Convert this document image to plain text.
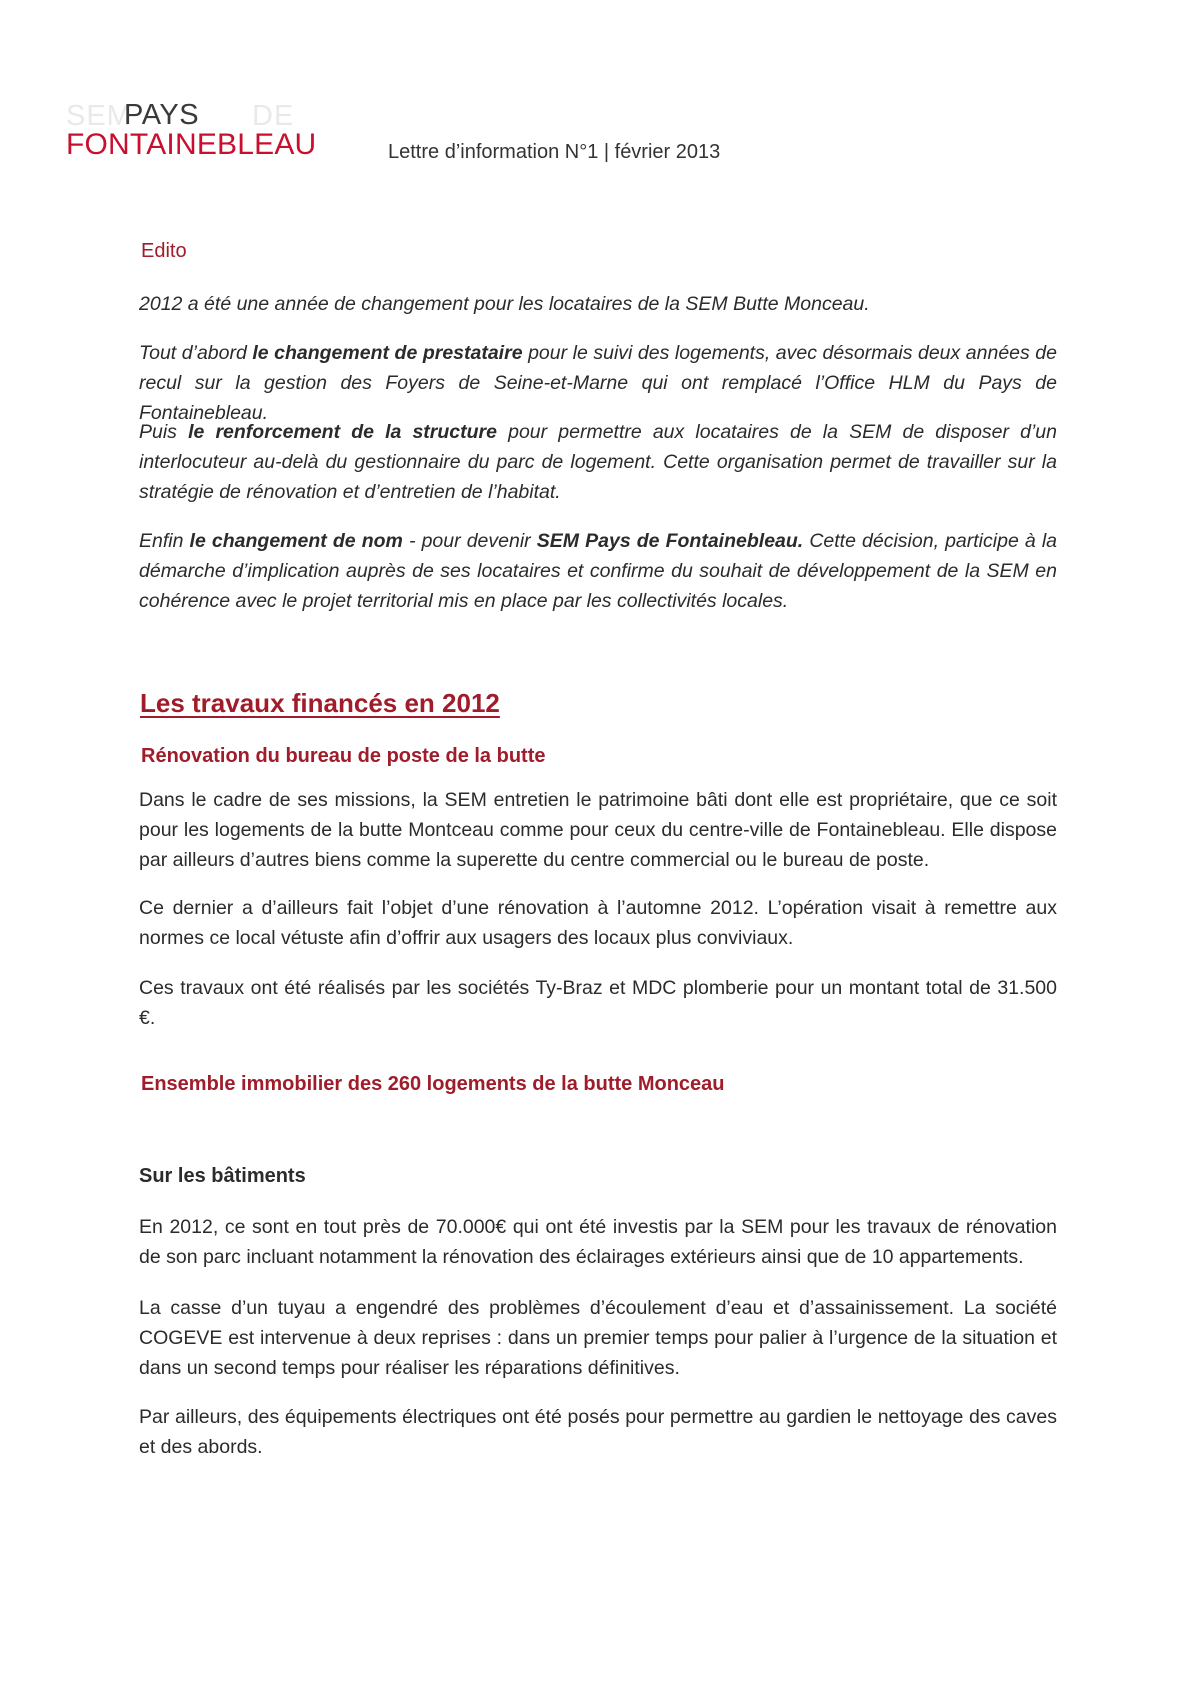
SEM	DE
PAYS
FONTAINEBLEAU	Lettre d’information N°1 | février 2013
Edito
2012 a été une année de changement pour les locataires de la SEM Butte Monceau.
Tout d’abord le changement de prestataire pour le suivi des logements, avec désormais deux années de recul sur la gestion des Foyers de Seine-et-Marne qui ont remplacé l’Office HLM du Pays de Fontainebleau.
Puis le renforcement de la structure pour permettre aux locataires de la SEM de disposer d’un interlocuteur au-delà du gestionnaire du parc de logement. Cette organisation permet de travailler sur la stratégie de rénovation et d’entretien de l’habitat.
Enfin le changement de nom - pour devenir SEM Pays de Fontainebleau. Cette décision, participe à la démarche d’implication auprès de ses locataires et confirme du souhait de développement de la SEM en cohérence avec le projet territorial mis en place par les collectivités locales.
Les travaux financés en 2012
Rénovation du bureau de poste de la butte
Dans le cadre de ses missions, la SEM entretien le patrimoine bâti dont elle est propriétaire, que ce soit pour les logements de la butte Montceau comme pour ceux du centre-ville de Fontainebleau. Elle dispose par ailleurs d’autres biens comme la superette du centre commercial ou le bureau de poste.
Ce dernier a d’ailleurs fait l’objet d’une rénovation à l’automne 2012. L’opération visait à remettre aux normes ce local vétuste afin d’offrir aux usagers des locaux plus conviviaux.
Ces travaux ont été réalisés par les sociétés Ty-Braz et MDC plomberie pour un montant total de 31.500 €.
Ensemble immobilier des 260 logements de la butte Monceau
Sur les bâtiments
En 2012, ce sont en tout près de 70.000€ qui ont été investis par la SEM pour les travaux de rénovation de son parc incluant notamment la rénovation des éclairages extérieurs ainsi que de 10 appartements.
La casse d’un tuyau a engendré des problèmes d’écoulement d’eau et d’assainissement. La société COGEVE est intervenue à deux reprises : dans un premier temps pour palier à l’urgence de la situation et dans un second temps pour réaliser les réparations définitives.
Par ailleurs, des équipements électriques ont été posés pour permettre au gardien le nettoyage des caves et des abords.
